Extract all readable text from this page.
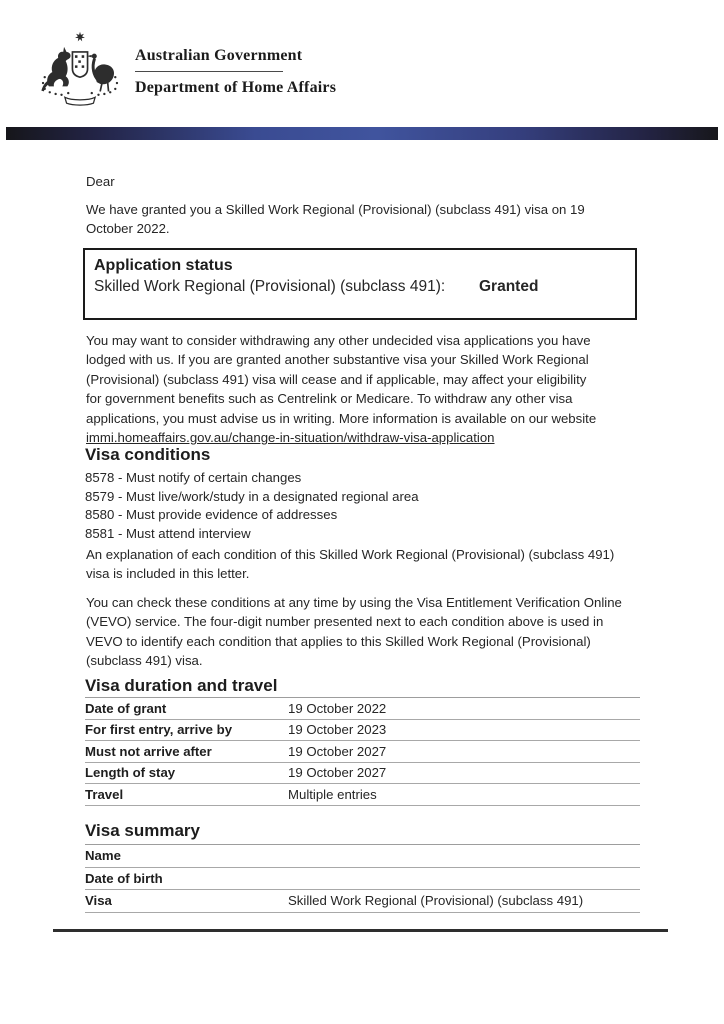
Australian Government
Department of Home Affairs
Dear
We have granted you a Skilled Work Regional (Provisional) (subclass 491) visa on 19
October 2022.
Application status
Skilled Work Regional (Provisional) (subclass 491):	Granted
You may want to consider withdrawing any other undecided visa applications you have
lodged with us. If you are granted another substantive visa your Skilled Work Regional
(Provisional) (subclass 491) visa will cease and if applicable, may affect your eligibility
for government benefits such as Centrelink or Medicare. To withdraw any other visa
applications, you must advise us in writing. More information is available on our website
immi.homeaffairs.gov.au/change-in-situation/withdraw-visa-application
Visa conditions
8578 - Must notify of certain changes
8579 - Must live/work/study in a designated regional area
8580 - Must provide evidence of addresses
8581 - Must attend interview
An explanation of each condition of this Skilled Work Regional (Provisional) (subclass 491)
visa is included in this letter.
You can check these conditions at any time by using the Visa Entitlement Verification Online
(VEVO) service. The four-digit number presented next to each condition above is used in
VEVO to identify each condition that applies to this Skilled Work Regional (Provisional)
(subclass 491) visa.
Visa duration and travel
Date of grant	19 October 2022
For first entry, arrive by	19 October 2023
Must not arrive after	19 October 2027
Length of stay	19 October 2027
Travel	Multiple entries
Visa summary
Name
Date of birth
Visa	Skilled Work Regional (Provisional) (subclass 491)
